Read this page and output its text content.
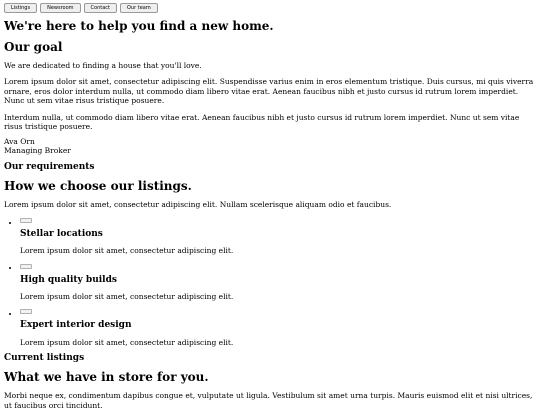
Listings	Newsroom	Contact	Our team
We're here to help you find a new home.
Our goal

We are dedicated to finding a house that you'll love.

Lorem ipsum dolor sit amet, consectetur adipiscing elit. Suspendisse varius enim in eros elementum tristique. Duis cursus, mi quis viverra ornare, eros dolor interdum nulla, ut commodo diam libero vitae erat. Aenean faucibus nibh et justo cursus id rutrum lorem imperdiet. Nunc ut sem vitae risus tristique posuere.

Interdum nulla, ut commodo diam libero vitae erat. Aenean faucibus nibh et justo cursus id rutrum lorem imperdiet. Nunc ut sem vitae risus tristique posuere.

Ava Orn
Managing Broker
Our requirements
How we choose our listings.

Lorem ipsum dolor sit amet, consectetur adipiscing elit. Nullam scelerisque aliquam odio et faucibus.

• Stellar locations

Lorem ipsum dolor sit amet, consectetur adipiscing elit.

• High quality builds

Lorem ipsum dolor sit amet, consectetur adipiscing elit.

• Expert interior design

Lorem ipsum dolor sit amet, consectetur adipiscing elit.

Current listings
What we have in store for you.

Morbi neque ex, condimentum dapibus congue et, vulputate ut ligula. Vestibulum sit amet urna turpis. Mauris euismod elit et nisi ultrices, ut faucibus orci tincidunt.
